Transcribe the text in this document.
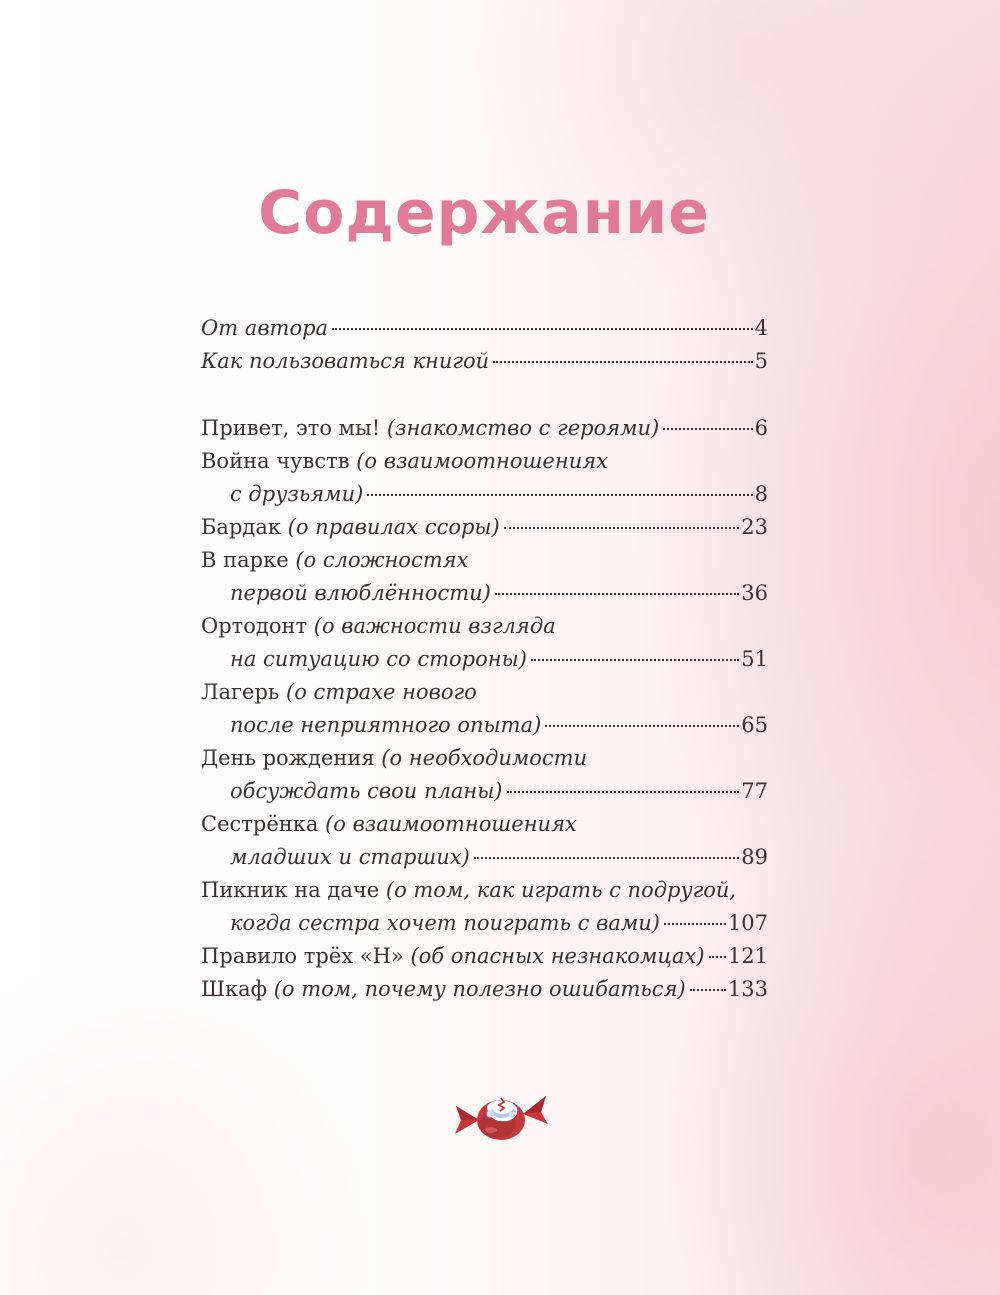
Содержание
От автора	4
Как пользоваться книгой	5
Привет, это мы! (знакомство с героями)	6
Война чувств (о взаимоотношениях
с друзьями)	8
Бардак (о правилах ссоры)	23
В парке (о сложностях
первой влюблённости)	36
Ортодонт (о важности взгляда
на ситуацию со стороны)	51
Лагерь (о страхе нового
после неприятного опыта)	65
День рождения (о необходимости
обсуждать свои планы)	77
Сестрёнка (о взаимоотношениях
младших и старших)	89
Пикник на даче (о том, как играть с подругой,
когда сестра хочет поиграть с вами)	107
Правило трёх «Н» (об опасных незнакомцах) 121
Шкаф (о том, почему полезно ошибаться) 133
